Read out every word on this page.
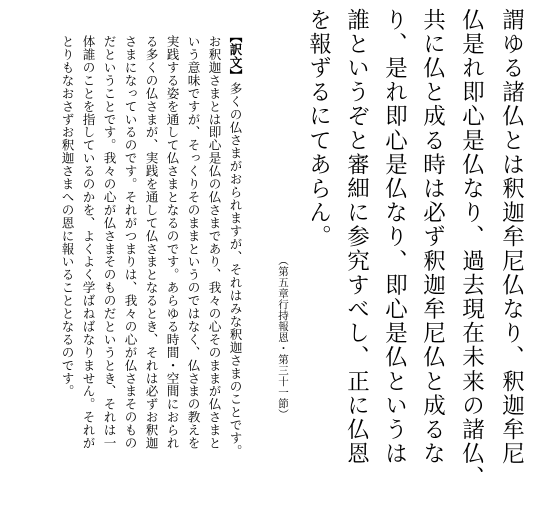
謂ゆる諸仏とは釈迦牟尼仏なり、釈迦牟尼

仏是れ即心是仏なり、過去現在未来の諸仏、

共に仏と成る時は必ず釈迦牟尼仏と成るな

り、是れ即心是仏なり、即心是仏というは

誰というぞと審細に参究すべし、正に仏恩

を報ずるにてあらん。

（第五章行持報恩・第三十一節）

【訳文】多くの仏さまがおられますが、それはみな釈迦さまのことです。

お釈迦さまとは即心是仏の仏さまであり、我々の心そのままが仏さまと

いう意味ですが、そっくりそのままというのではなく、仏さまの教えを

実践する姿を通して仏さまとなるのです。あらゆる時間・空間におられ

る多くの仏さまが、実践を通して仏さまとなるとき、それは必ずお釈迦

さまになっているのです。それがつまりは、我々の心が仏さまそのもの

だということです。我々の心が仏さまそのものだというとき、それは一

体誰のことを指しているのかを、よくよく学ばねばなりません。それが

とりもなおさずお釈迦さまへの恩に報いることとなるのです。
